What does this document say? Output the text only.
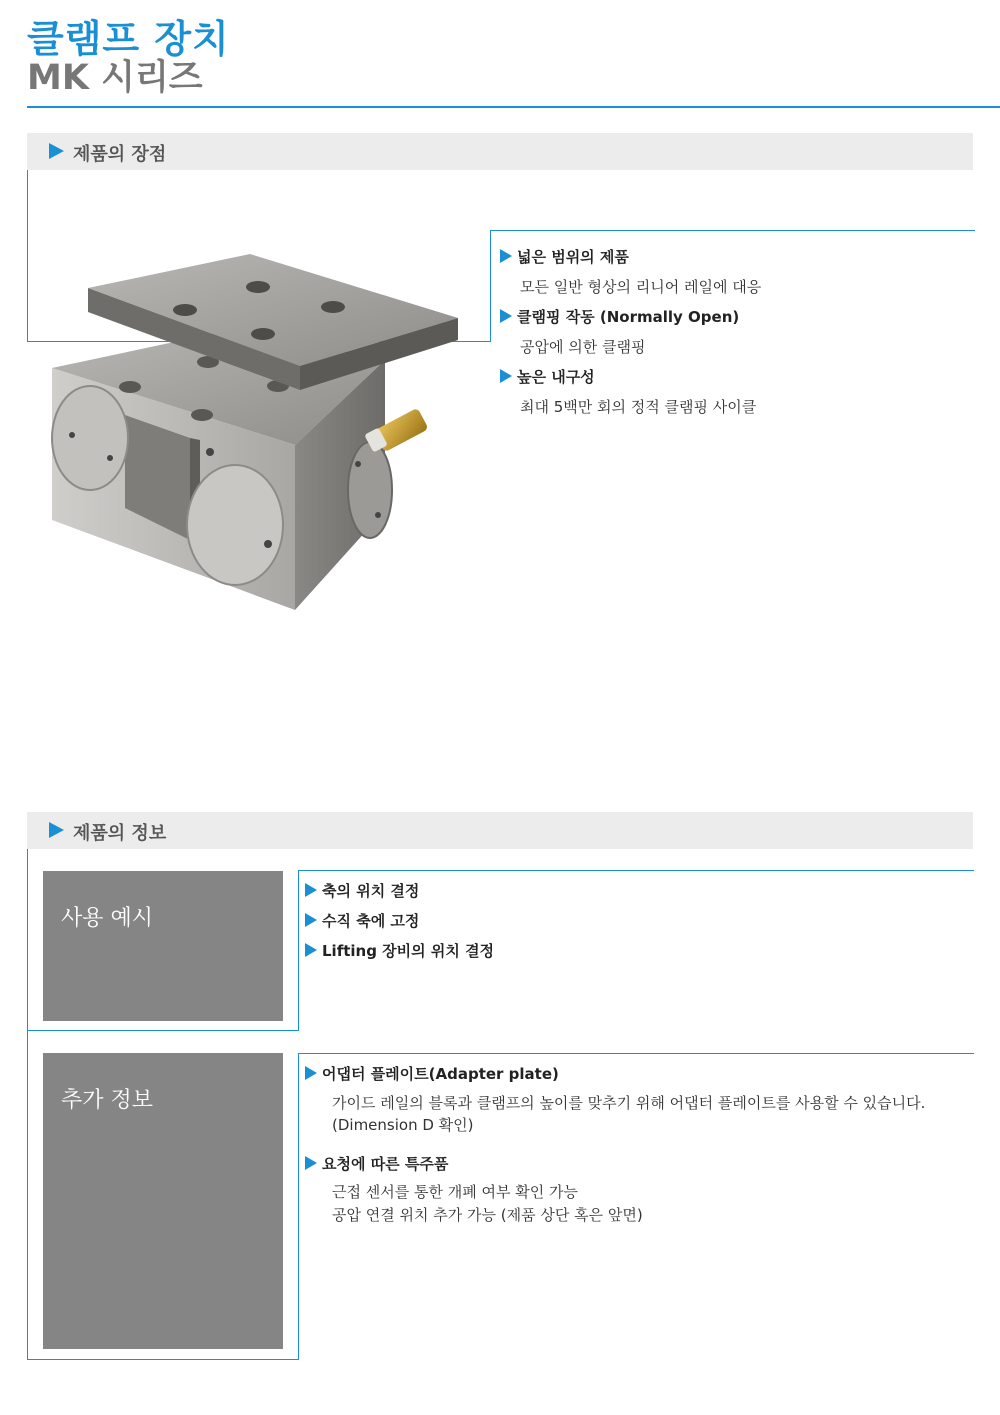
클램프 장치
MK 시리즈
제품의 장점
넓은 범위의 제품
모든 일반 형상의 리니어 레일에 대응
클램핑 작동 (Normally Open)
공압에 의한 클램핑
높은 내구성
최대 5백만 회의 정적 클램핑 사이클
제품의 정보
사용 예시
축의 위치 결정
수직 축에 고정
Lifting 장비의 위치 결정
추가 정보
어댑터 플레이트(Adapter plate)
가이드 레일의 블록과 클램프의 높이를 맞추기 위해 어댑터 플레이트를 사용할 수 있습니다.
(Dimension D 확인)
요청에 따른 특주품
근접 센서를 통한 개폐 여부 확인 가능
공압 연결 위치 추가 가능 (제품 상단 혹은 앞면)
